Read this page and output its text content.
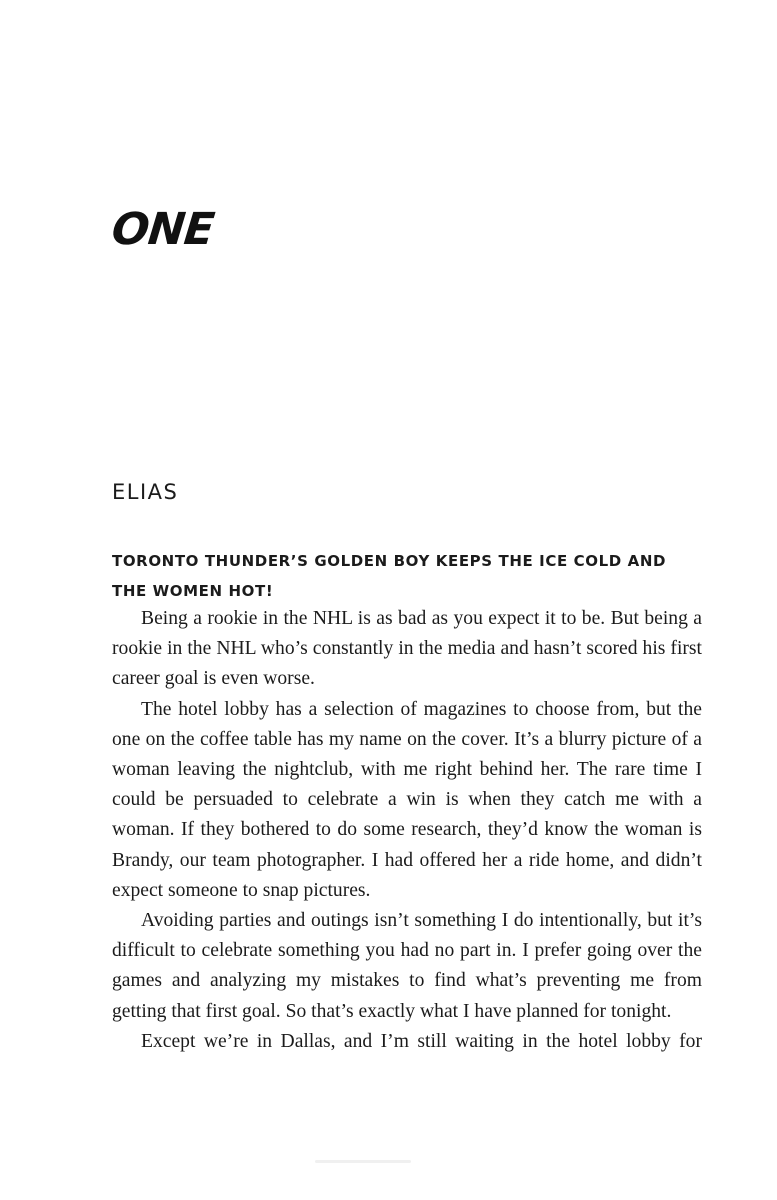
ONE
ELIAS
TORONTO THUNDER’S GOLDEN BOY KEEPS THE ICE COLD AND THE WOMEN HOT!

Being a rookie in the NHL is as bad as you expect it to be. But being a rookie in the NHL who’s constantly in the media and hasn’t scored his first career goal is even worse.

The hotel lobby has a selection of magazines to choose from, but the one on the coffee table has my name on the cover. It’s a blurry picture of a woman leaving the nightclub, with me right behind her. The rare time I could be persuaded to celebrate a win is when they catch me with a woman. If they bothered to do some research, they’d know the woman is Brandy, our team photographer. I had offered her a ride home, and didn’t expect someone to snap pictures.

Avoiding parties and outings isn’t something I do intentionally, but it’s difficult to celebrate something you had no part in. I prefer going over the games and analyzing my mistakes to find what’s preventing me from getting that first goal. So that’s exactly what I have planned for tonight.

Except we’re in Dallas, and I’m still waiting in the hotel lobby for
